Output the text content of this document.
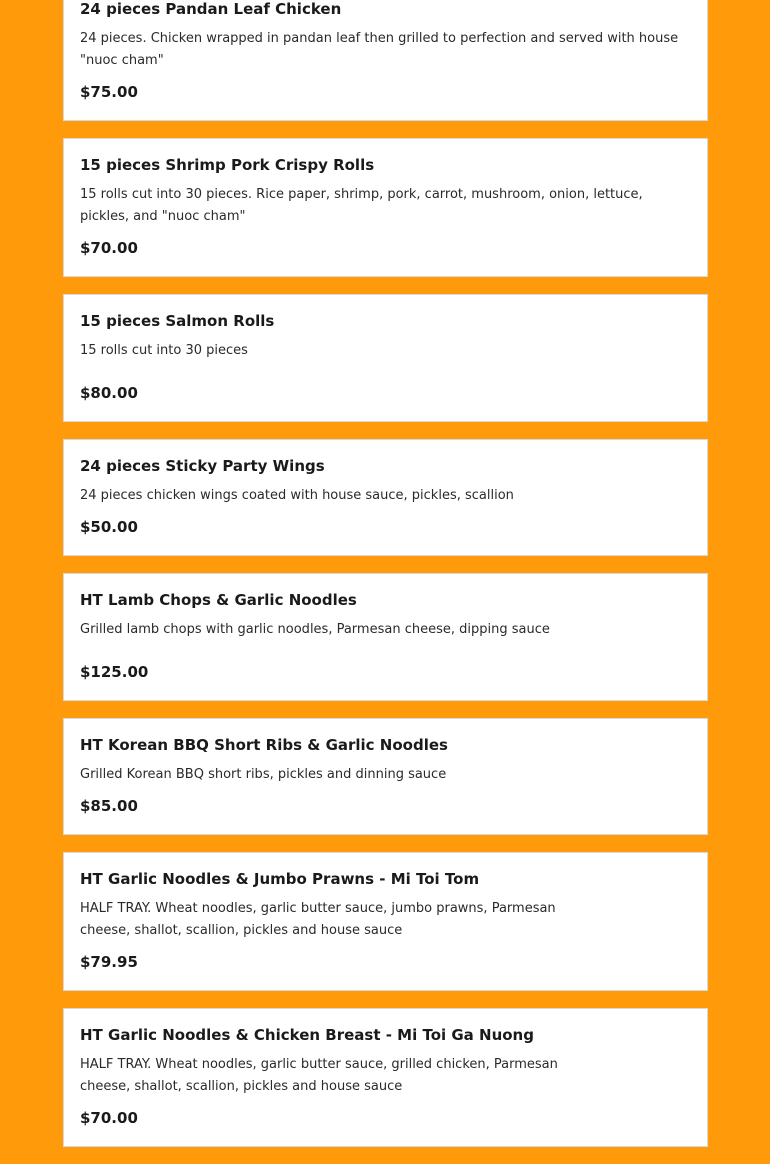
24 pieces Pandan Leaf Chicken
24 pieces. Chicken wrapped in pandan leaf then grilled to perfection and served with house "nuoc cham"
$75.00
15 pieces Shrimp Pork Crispy Rolls
15 rolls cut into 30 pieces. Rice paper, shrimp, pork, carrot, mushroom, onion, lettuce, pickles, and "nuoc cham"
$70.00
15 pieces Salmon Rolls
15 rolls cut into 30 pieces
$80.00
24 pieces Sticky Party Wings
24 pieces chicken wings coated with house sauce, pickles, scallion
$50.00
HT Lamb Chops & Garlic Noodles
Grilled lamb chops with garlic noodles, Parmesan cheese, dipping sauce
$125.00
HT Korean BBQ Short Ribs & Garlic Noodles
Grilled Korean BBQ short ribs, pickles and dinning sauce
$85.00
HT Garlic Noodles & Jumbo Prawns - Mi Toi Tom
HALF TRAY. Wheat noodles, garlic butter sauce, jumbo prawns, Parmesan cheese, shallot, scallion, pickles and house sauce
$79.95
HT Garlic Noodles & Chicken Breast - Mi Toi Ga Nuong
HALF TRAY. Wheat noodles, garlic butter sauce, grilled chicken, Parmesan cheese, shallot, scallion, pickles and house sauce
$70.00
